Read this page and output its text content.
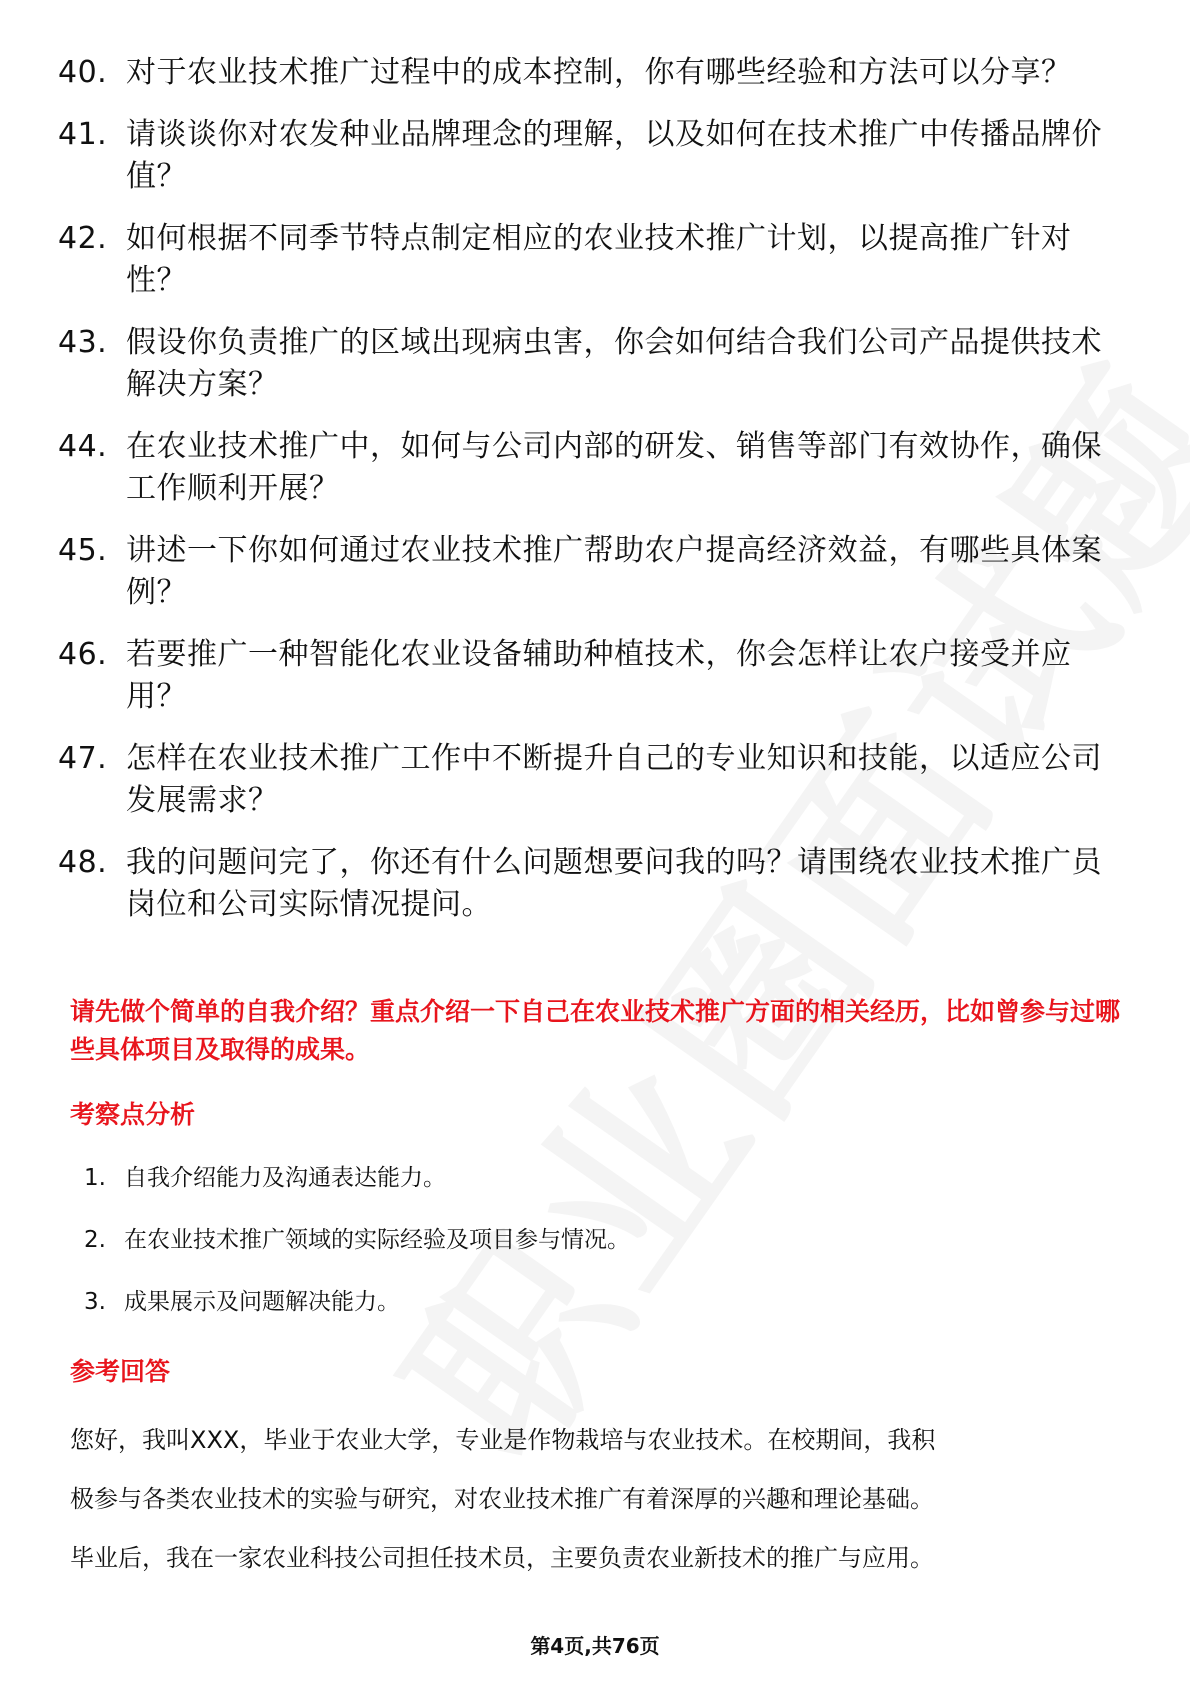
40. 对于农业技术推广过程中的成本控制，你有哪些经验和方法可以分享？
41. 请谈谈你对农发种业品牌理念的理解，以及如何在技术推广中传播品牌价值？
42. 如何根据不同季节特点制定相应的农业技术推广计划，以提高推广针对性？
43. 假设你负责推广的区域出现病虫害，你会如何结合我们公司产品提供技术解决方案？
44. 在农业技术推广中，如何与公司内部的研发、销售等部门有效协作，确保工作顺利开展？
45. 讲述一下你如何通过农业技术推广帮助农户提高经济效益，有哪些具体案例？
46. 若要推广一种智能化农业设备辅助种植技术，你会怎样让农户接受并应用？
47. 怎样在农业技术推广工作中不断提升自己的专业知识和技能，以适应公司发展需求？
48. 我的问题问完了，你还有什么问题想要问我的吗？请围绕农业技术推广员岗位和公司实际情况提问。

请先做个简单的自我介绍？重点介绍一下自己在农业技术推广方面的相关经历，比如曾参与过哪些具体项目及取得的成果。

考察点分析
1. 自我介绍能力及沟通表达能力。
2. 在农业技术推广领域的实际经验及项目参与情况。
3. 成果展示及问题解决能力。
参考回答
您好，我叫XXX，毕业于农业大学，专业是作物栽培与农业技术。在校期间，我积
极参与各类农业技术的实验与研究，对农业技术推广有着深厚的兴趣和理论基础。
毕业后，我在一家农业科技公司担任技术员，主要负责农业新技术的推广与应用。
第4页,共76页
